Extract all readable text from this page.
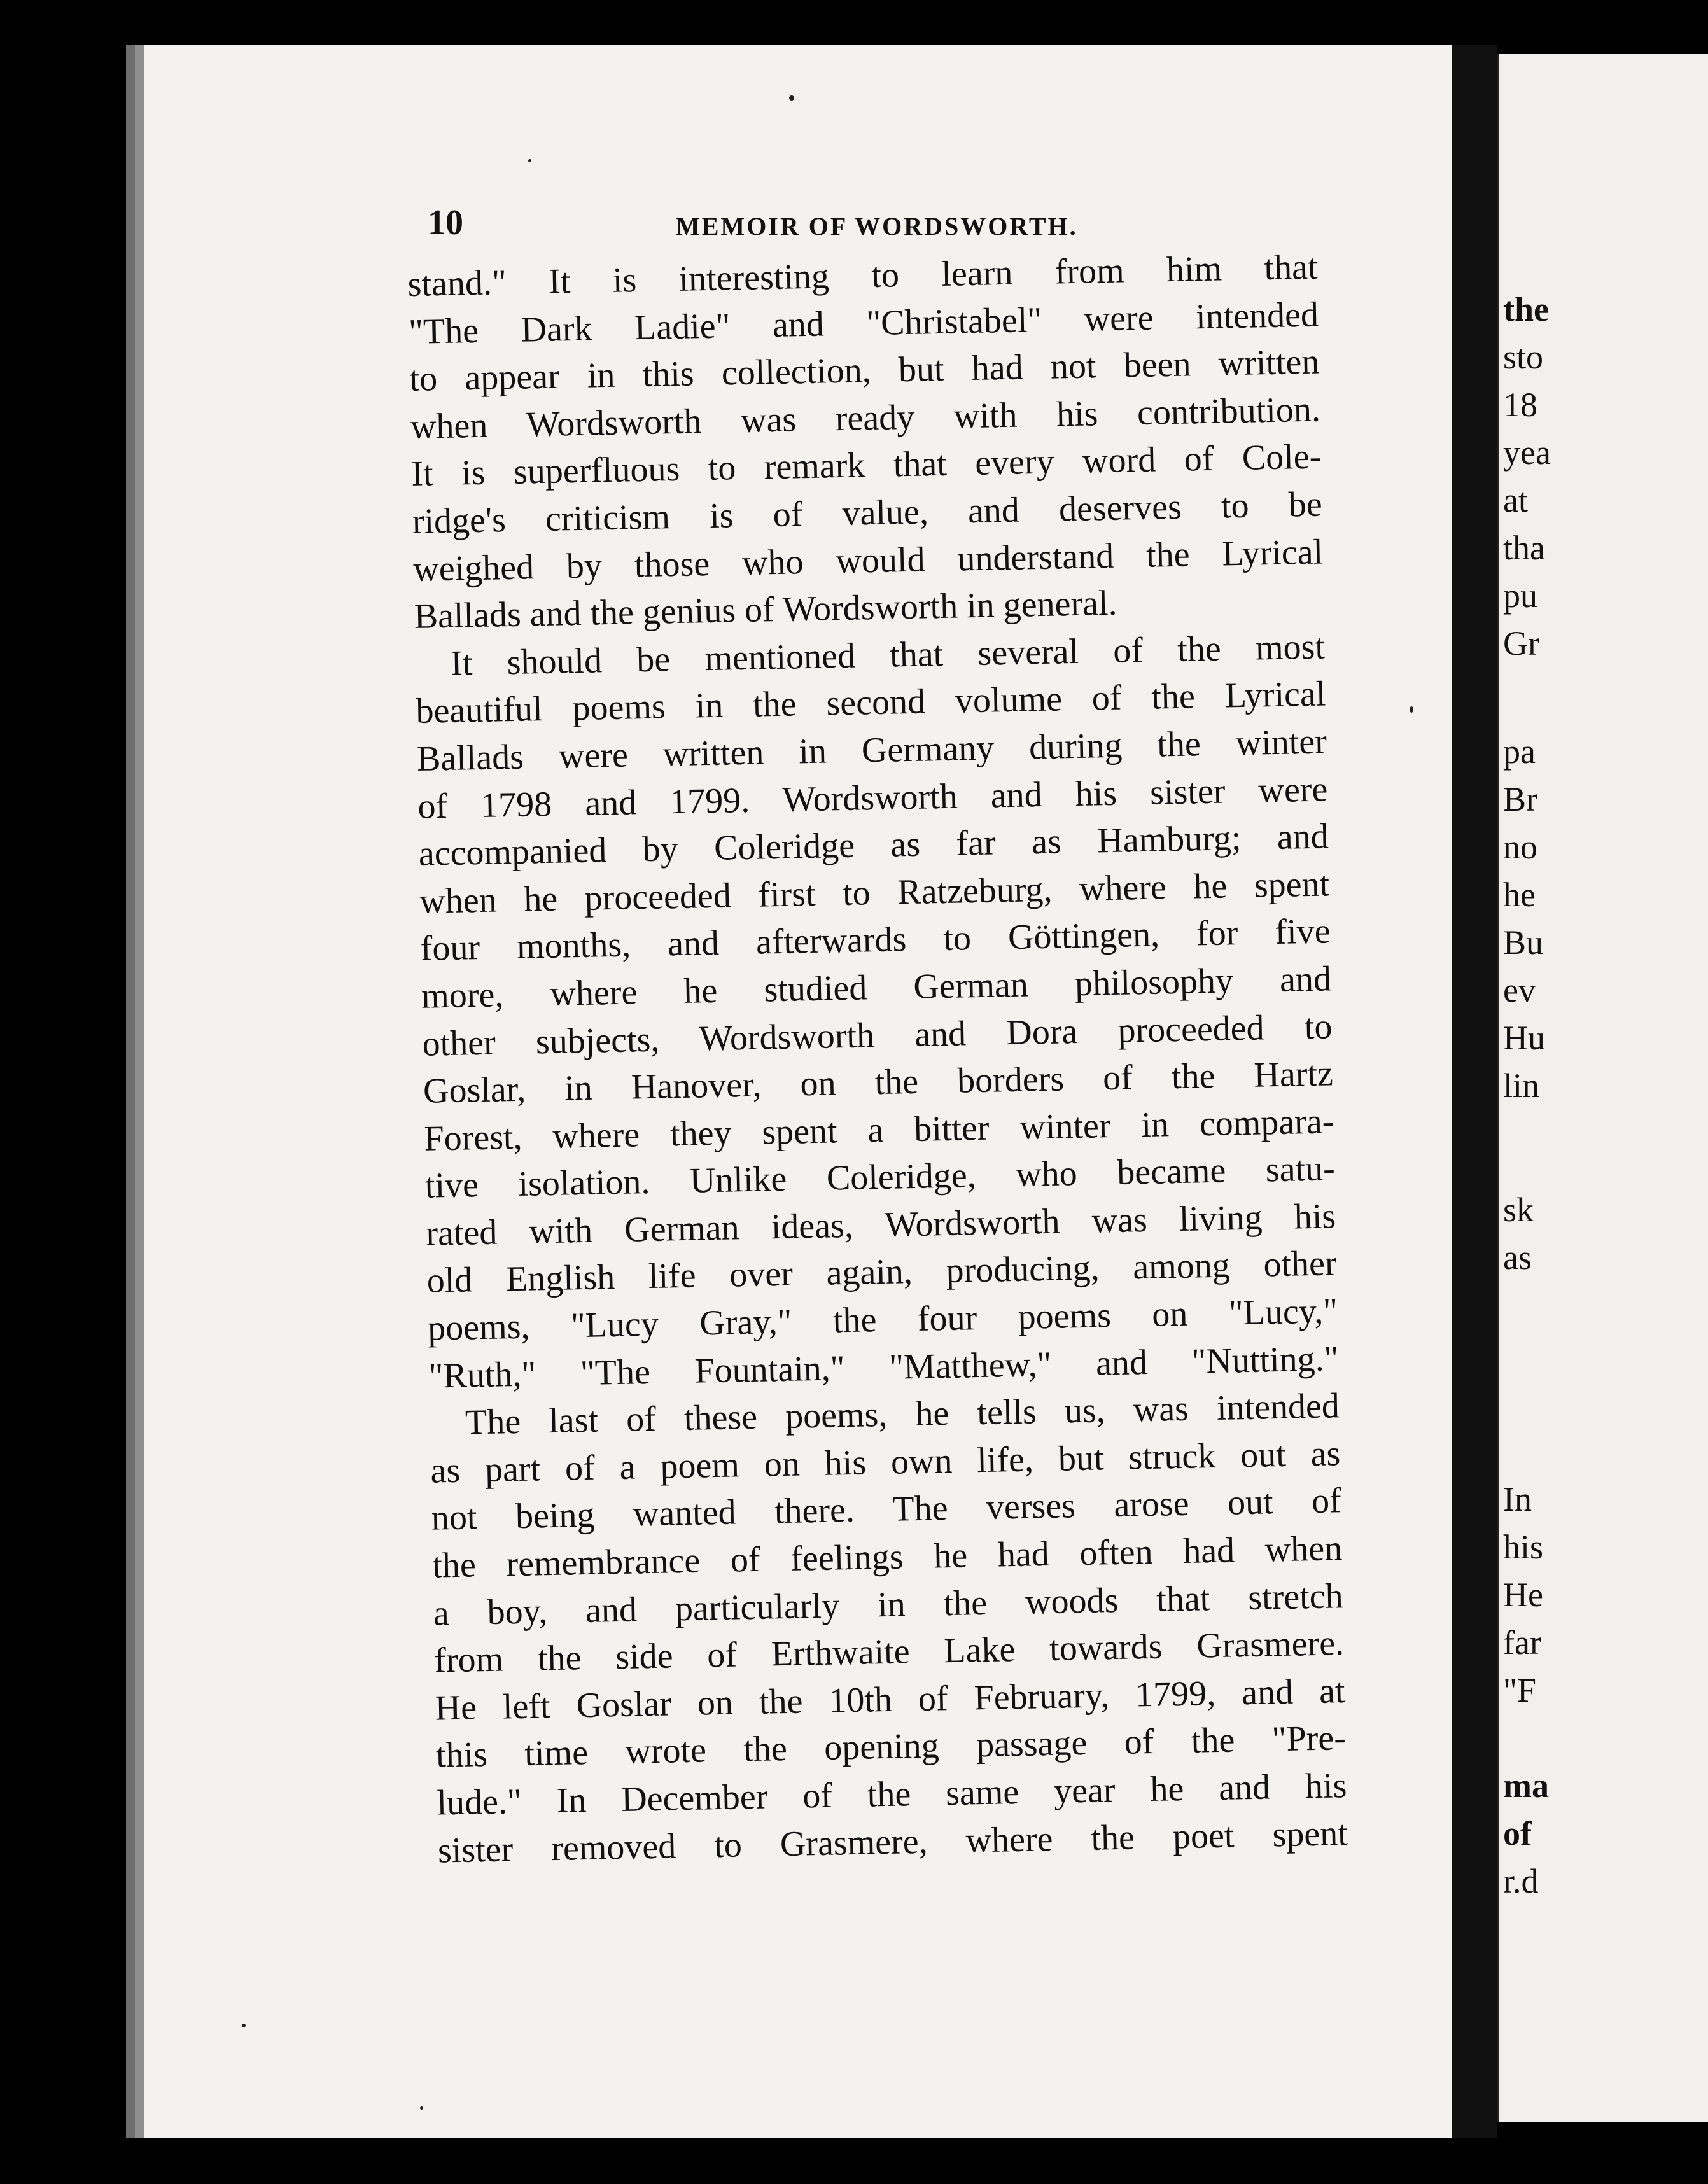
10	MEMOIR OF WORDSWORTH.
stand." It is interesting to learn from him that
"The Dark Ladie" and "Christabel" were intended
to appear in this collection, but had not been written
when Wordsworth was ready with his contribution.
It is superfluous to remark that every word of Cole-
ridge's criticism is of value, and deserves to be
weighed by those who would understand the Lyrical
Ballads and the genius of Wordsworth in general.
It should be mentioned that several of the most
beautiful poems in the second volume of the Lyrical
Ballads were written in Germany during the winter
of 1798 and 1799. Wordsworth and his sister were
accompanied by Coleridge as far as Hamburg; and
when he proceeded first to Ratzeburg, where he spent
four months, and afterwards to Göttingen, for five
more, where he studied German philosophy and
other subjects, Wordsworth and Dora proceeded to
Goslar, in Hanover, on the borders of the Hartz
Forest, where they spent a bitter winter in compara-
tive isolation. Unlike Coleridge, who became satu-
rated with German ideas, Wordsworth was living his
old English life over again, producing, among other
poems, "Lucy Gray," the four poems on "Lucy,"
"Ruth," "The Fountain," "Matthew," and "Nutting."
The last of these poems, he tells us, was intended
as part of a poem on his own life, but struck out as
not being wanted there. The verses arose out of
the remembrance of feelings he had often had when
a boy, and particularly in the woods that stretch
from the side of Erthwaite Lake towards Grasmere.
He left Goslar on the 10th of February, 1799, and at
this time wrote the opening passage of the "Pre-
lude." In December of the same year he and his
sister removed to Grasmere, where the poet spent
the
sto
18
yea
at
tha
pu
Gr
pa
Br
no
he
Bu
ev
Hu
lin
sk
as
In
his
He
far
"F
ma
of
r.d
